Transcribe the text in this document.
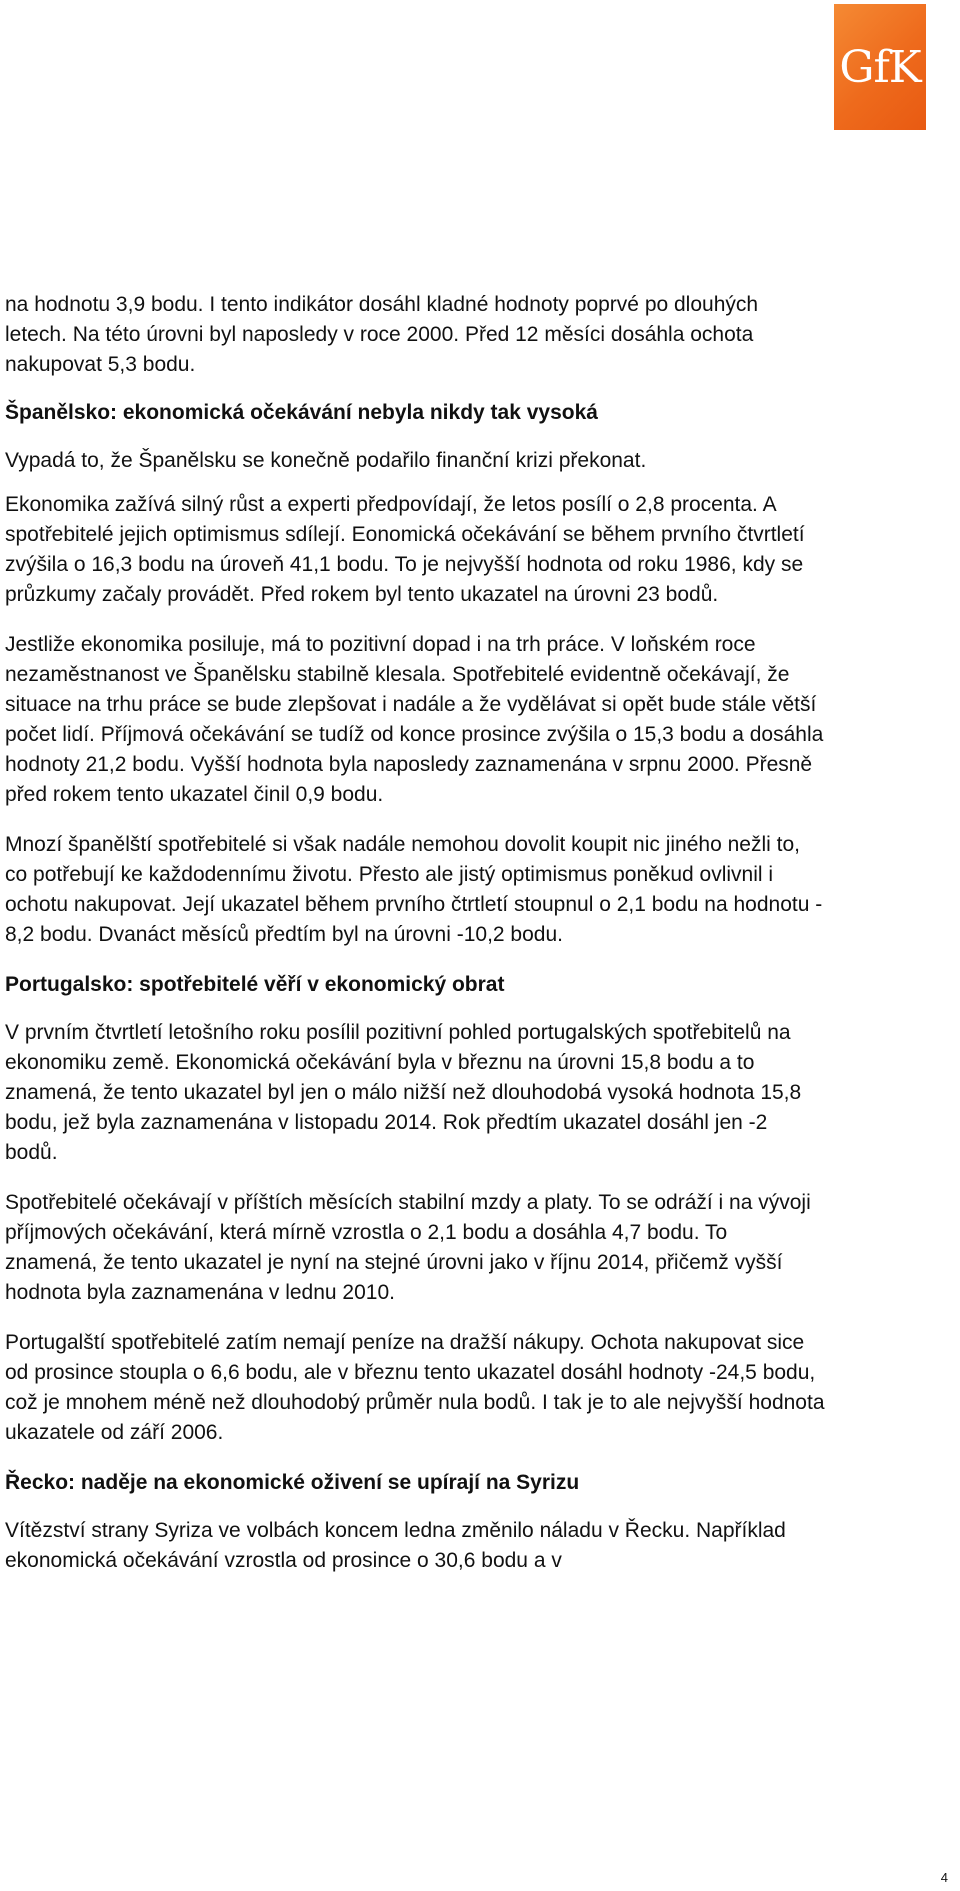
GfK

na hodnotu 3,9 bodu. I tento indikátor dosáhl kladné hodnoty poprvé po dlouhých letech. Na této úrovni byl naposledy v roce 2000. Před 12 měsíci dosáhla ochota nakupovat 5,3 bodu.

Španělsko: ekonomická očekávání nebyla nikdy tak vysoká

Vypadá to, že Španělsku se konečně podařilo finanční krizi překonat.

Ekonomika zažívá silný růst a experti předpovídají, že letos posílí o 2,8 procenta. A spotřebitelé jejich optimismus sdílejí. Eonomická očekávání se během prvního čtvrtletí zvýšila o 16,3 bodu na úroveň 41,1 bodu. To je nejvyšší hodnota od roku 1986, kdy se průzkumy začaly provádět. Před rokem byl tento ukazatel na úrovni 23 bodů.

Jestliže ekonomika posiluje, má to pozitivní dopad i na trh práce. V loňském roce nezaměstnanost ve Španělsku stabilně klesala. Spotřebitelé evidentně očekávají, že situace na trhu práce se bude zlepšovat i nadále a že vydělávat si opět bude stále větší počet lidí. Příjmová očekávání se tudíž od konce prosince zvýšila o 15,3 bodu a dosáhla hodnoty 21,2 bodu. Vyšší hodnota byla naposledy zaznamenána v srpnu 2000. Přesně před rokem tento ukazatel činil 0,9 bodu.

Mnozí španělští spotřebitelé si však nadále nemohou dovolit koupit nic jiného nežli to, co potřebují ke každodennímu životu. Přesto ale jistý optimismus poněkud ovlivnil i ochotu nakupovat. Její ukazatel během prvního čtrtletí stoupnul o 2,1 bodu na hodnotu - 8,2 bodu. Dvanáct měsíců předtím byl na úrovni -10,2 bodu.

Portugalsko: spotřebitelé věří v ekonomický obrat

V prvním čtvrtletí letošního roku posílil pozitivní pohled portugalských spotřebitelů na ekonomiku země. Ekonomická očekávání byla v březnu na úrovni 15,8 bodu a to znamená, že tento ukazatel byl jen o málo nižší než dlouhodobá vysoká hodnota 15,8 bodu, jež byla zaznamenána v listopadu 2014. Rok předtím ukazatel dosáhl jen -2 bodů.

Spotřebitelé očekávají v příštích měsících stabilní mzdy a platy. To se odráží i na vývoji příjmových očekávání, která mírně vzrostla o 2,1 bodu a dosáhla 4,7 bodu. To znamená, že tento ukazatel je nyní na stejné úrovni jako v říjnu 2014, přičemž vyšší hodnota byla zaznamenána v lednu 2010.

Portugalští spotřebitelé zatím nemají peníze na dražší nákupy. Ochota nakupovat sice od prosince stoupla o 6,6 bodu, ale v březnu tento ukazatel dosáhl hodnoty -24,5 bodu, což je mnohem méně než dlouhodobý průměr nula bodů. I tak je to ale nejvyšší hodnota ukazatele od září 2006.

Řecko: naděje na ekonomické oživení se upírají na Syrizu

Vítězství strany Syriza ve volbách koncem ledna změnilo náladu v Řecku. Například ekonomická očekávání vzrostla od prosince o 30,6 bodu a v

4
